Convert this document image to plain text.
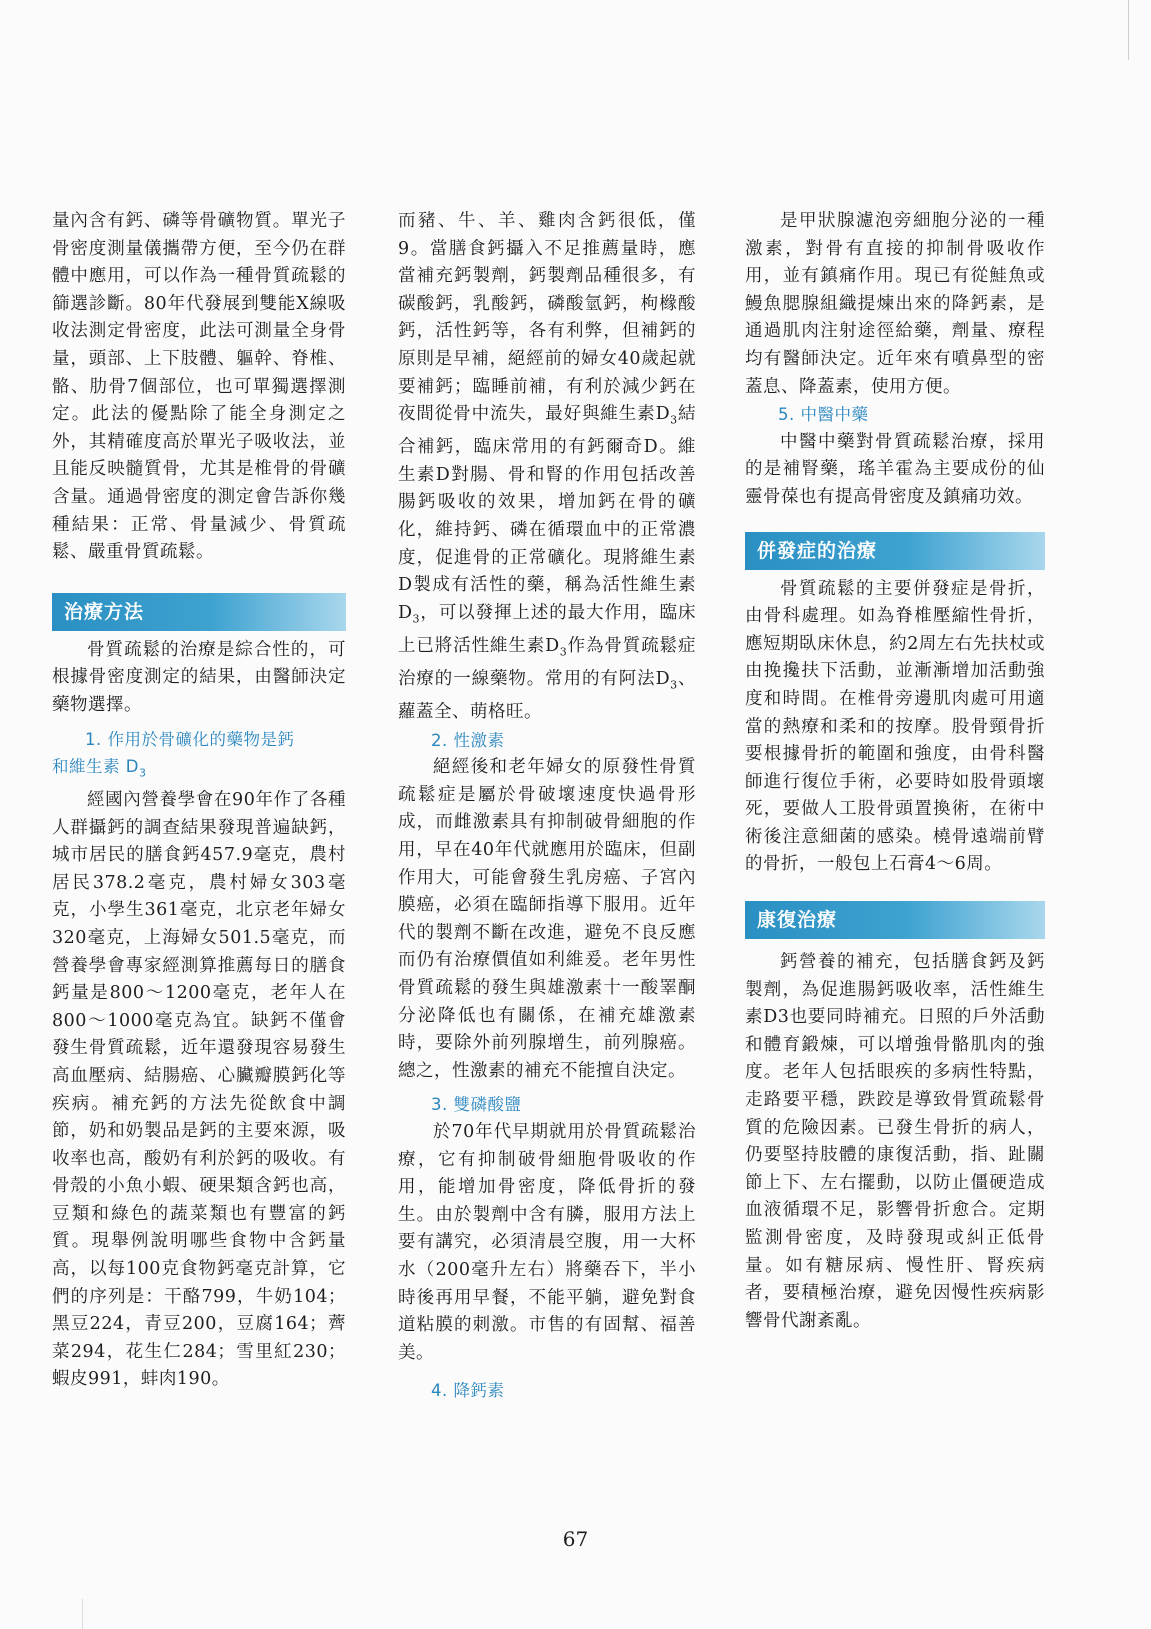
量內含有鈣、磷等骨礦物質。單光子骨密度測量儀攜帶方便，至今仍在群體中應用，可以作為一種骨質疏鬆的篩選診斷。80年代發展到雙能X線吸收法測定骨密度，此法可測量全身骨量，頭部、上下肢體、軀幹、脊椎、骼、肋骨7個部位，也可單獨選擇測定。此法的優點除了能全身測定之外，其精確度高於單光子吸收法，並且能反映髓質骨，尤其是椎骨的骨礦含量。通過骨密度的測定會告訴你幾種結果：正常、骨量減少、骨質疏鬆、嚴重骨質疏鬆。

治療方法

骨質疏鬆的治療是綜合性的，可根據骨密度測定的結果，由醫師決定藥物選擇。

1. 作用於骨礦化的藥物是鈣
和維生素 $D_3$

經國內營養學會在90年作了各種人群攝鈣的調查結果發現普遍缺鈣，城市居民的膳食鈣457.9毫克，農村居民378.2毫克，農村婦女303毫克，小學生361毫克，北京老年婦女320毫克，上海婦女501.5毫克，而營養學會專家經測算推薦每日的膳食鈣量是800～1200毫克，老年人在800～1000毫克為宜。缺鈣不僅會發生骨質疏鬆，近年還發現容易發生高血壓病、結腸癌、心臟瓣膜鈣化等疾病。補充鈣的方法先從飲食中調節，奶和奶製品是鈣的主要來源，吸收率也高，酸奶有利於鈣的吸收。有骨殼的小魚小蝦、硬果類含鈣也高，豆類和綠色的蔬菜類也有豐富的鈣質。現舉例說明哪些食物中含鈣量高，以每100克食物鈣毫克計算，它們的序列是：干酪799，牛奶104；黑豆224，青豆200，豆腐164；薺菜294，花生仁284；雪里紅230；蝦皮991，蚌肉190。

而豬、牛、羊、雞肉含鈣很低，僅9。當膳食鈣攝入不足推薦量時，應當補充鈣製劑，鈣製劑品種很多，有碳酸鈣，乳酸鈣，磷酸氫鈣，枸橼酸鈣，活性鈣等，各有利弊，但補鈣的原則是早補，絕經前的婦女40歲起就要補鈣；臨睡前補，有利於減少鈣在夜間從骨中流失，最好與維生素$D_3$結合補鈣，臨床常用的有鈣爾奇D。維生素D對腸、骨和腎的作用包括改善腸鈣吸收的效果，增加鈣在骨的礦化，維持鈣、磷在循環血中的正常濃度，促進骨的正常礦化。現將維生素D製成有活性的藥，稱為活性維生素$D_3$，可以發揮上述的最大作用，臨床上已將活性維生素$D_3$作為骨質疏鬆症治療的一線藥物。常用的有阿法$D_3$、蘿蓋全、萌格旺。

2. 性激素

絕經後和老年婦女的原發性骨質疏鬆症是屬於骨破壞速度快過骨形成，而雌激素具有抑制破骨細胞的作用，早在40年代就應用於臨床，但副作用大，可能會發生乳房癌、子宮內膜癌，必須在臨師指導下服用。近年代的製劑不斷在改進，避免不良反應而仍有治療價值如利維爰。老年男性骨質疏鬆的發生與雄激素十一酸睪酮分泌降低也有關係，在補充雄激素時，要除外前列腺增生，前列腺癌。總之，性激素的補充不能擅自決定。

3. 雙磷酸鹽

於70年代早期就用於骨質疏鬆治療，它有抑制破骨細胞骨吸收的作用，能增加骨密度，降低骨折的發生。由於製劑中含有膦，服用方法上要有講究，必須清晨空腹，用一大杯水（200毫升左右）將藥吞下，半小時後再用早餐，不能平躺，避免對食道粘膜的刺激。市售的有固幫、福善美。

4. 降鈣素

是甲狀腺濾泡旁細胞分泌的一種激素，對骨有直接的抑制骨吸收作用，並有鎮痛作用。現已有從鮭魚或鰻魚腮腺組織提煉出來的降鈣素，是通過肌肉注射途徑給藥，劑量、療程均有醫師決定。近年來有噴鼻型的密蓋息、降蓋素，使用方便。

5. 中醫中藥

中醫中藥對骨質疏鬆治療，採用的是補腎藥，瑤羊霍為主要成份的仙靈骨葆也有提高骨密度及鎮痛功效。

併發症的治療

骨質疏鬆的主要併發症是骨折，由骨科處理。如為脊椎壓縮性骨折，應短期臥床休息，約2周左右先扶杖或由挽攙扶下活動，並漸漸增加活動強度和時間。在椎骨旁邊肌肉處可用適當的熱療和柔和的按摩。股骨頸骨折要根據骨折的範圍和強度，由骨科醫師進行復位手術，必要時如股骨頭壞死，要做人工股骨頭置換術，在術中術後注意細菌的感染。橈骨遠端前臂的骨折，一般包上石膏4～6周。

康復治療

鈣營養的補充，包括膳食鈣及鈣製劑，為促進腸鈣吸收率，活性維生素D3也要同時補充。日照的戶外活動和體育鍛煉，可以增強骨骼肌肉的強度。老年人包括眼疾的多病性特點，走路要平穩，跌跤是導致骨質疏鬆骨質的危險因素。已發生骨折的病人，仍要堅持肢體的康復活動，指、趾關節上下、左右擺動，以防止僵硬造成血液循環不足，影響骨折愈合。定期監測骨密度，及時發現或糾正低骨量。如有糖尿病、慢性肝、腎疾病者，要積極治療，避免因慢性疾病影響骨代謝紊亂。

67
